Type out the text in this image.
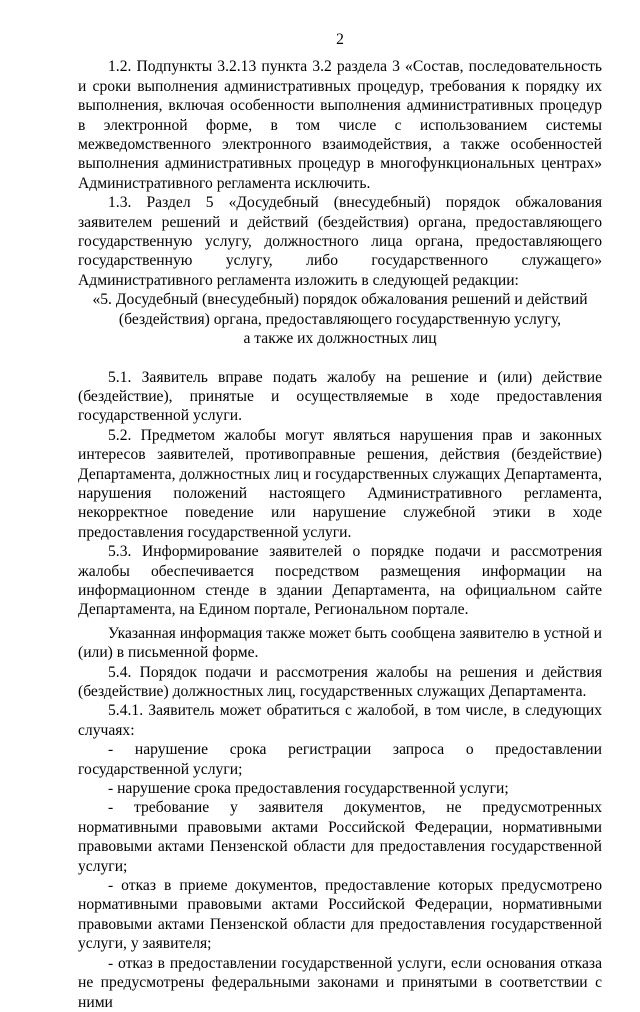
2

1.2. Подпункты 3.2.13 пункта 3.2 раздела 3 «Состав, последовательность и сроки выполнения административных процедур, требования к порядку их выполнения, включая особенности выполнения административных процедур в электронной форме, в том числе с использованием системы межведомственного электронного взаимодействия, а также особенностей выполнения административных процедур в многофункциональных центрах» Административного регламента исключить.

1.3. Раздел 5 «Досудебный (внесудебный) порядок обжалования заявителем решений и действий (бездействия) органа, предоставляющего государственную услугу, должностного лица органа, предоставляющего государственную услугу, либо государственного служащего» Административного регламента изложить в следующей редакции:

«5. Досудебный (внесудебный) порядок обжалования решений и действий

(бездействия) органа, предоставляющего государственную услугу,

а также их должностных лиц

5.1. Заявитель вправе подать жалобу на решение и (или) действие (бездействие), принятые и осуществляемые в ходе предоставления государственной услуги.

5.2. Предметом жалобы могут являться нарушения прав и законных интересов заявителей, противоправные решения, действия (бездействие) Департамента, должностных лиц и государственных служащих Департамента, нарушения положений настоящего Административного регламента, некорректное поведение или нарушение служебной этики в ходе предоставления государственной услуги.

5.3. Информирование заявителей о порядке подачи и рассмотрения жалобы обеспечивается посредством размещения информации на информационном стенде в здании Департамента, на официальном сайте Департамента, на Едином портале, Региональном портале.

Указанная информация также может быть сообщена заявителю в устной и (или) в письменной форме.

5.4. Порядок подачи и рассмотрения жалобы на решения и действия (бездействие) должностных лиц, государственных служащих Департамента.

5.4.1. Заявитель может обратиться с жалобой, в том числе, в следующих случаях:

- нарушение срока регистрации запроса о предоставлении государственной услуги;

- нарушение срока предоставления государственной услуги;

- требование у заявителя документов, не предусмотренных нормативными правовыми актами Российской Федерации, нормативными правовыми актами Пензенской области для предоставления государственной услуги;

- отказ в приеме документов, предоставление которых предусмотрено нормативными правовыми актами Российской Федерации, нормативными правовыми актами Пензенской области для предоставления государственной услуги, у заявителя;

- отказ в предоставлении государственной услуги, если основания отказа не предусмотрены федеральными законами и принятыми в соответствии с ними
